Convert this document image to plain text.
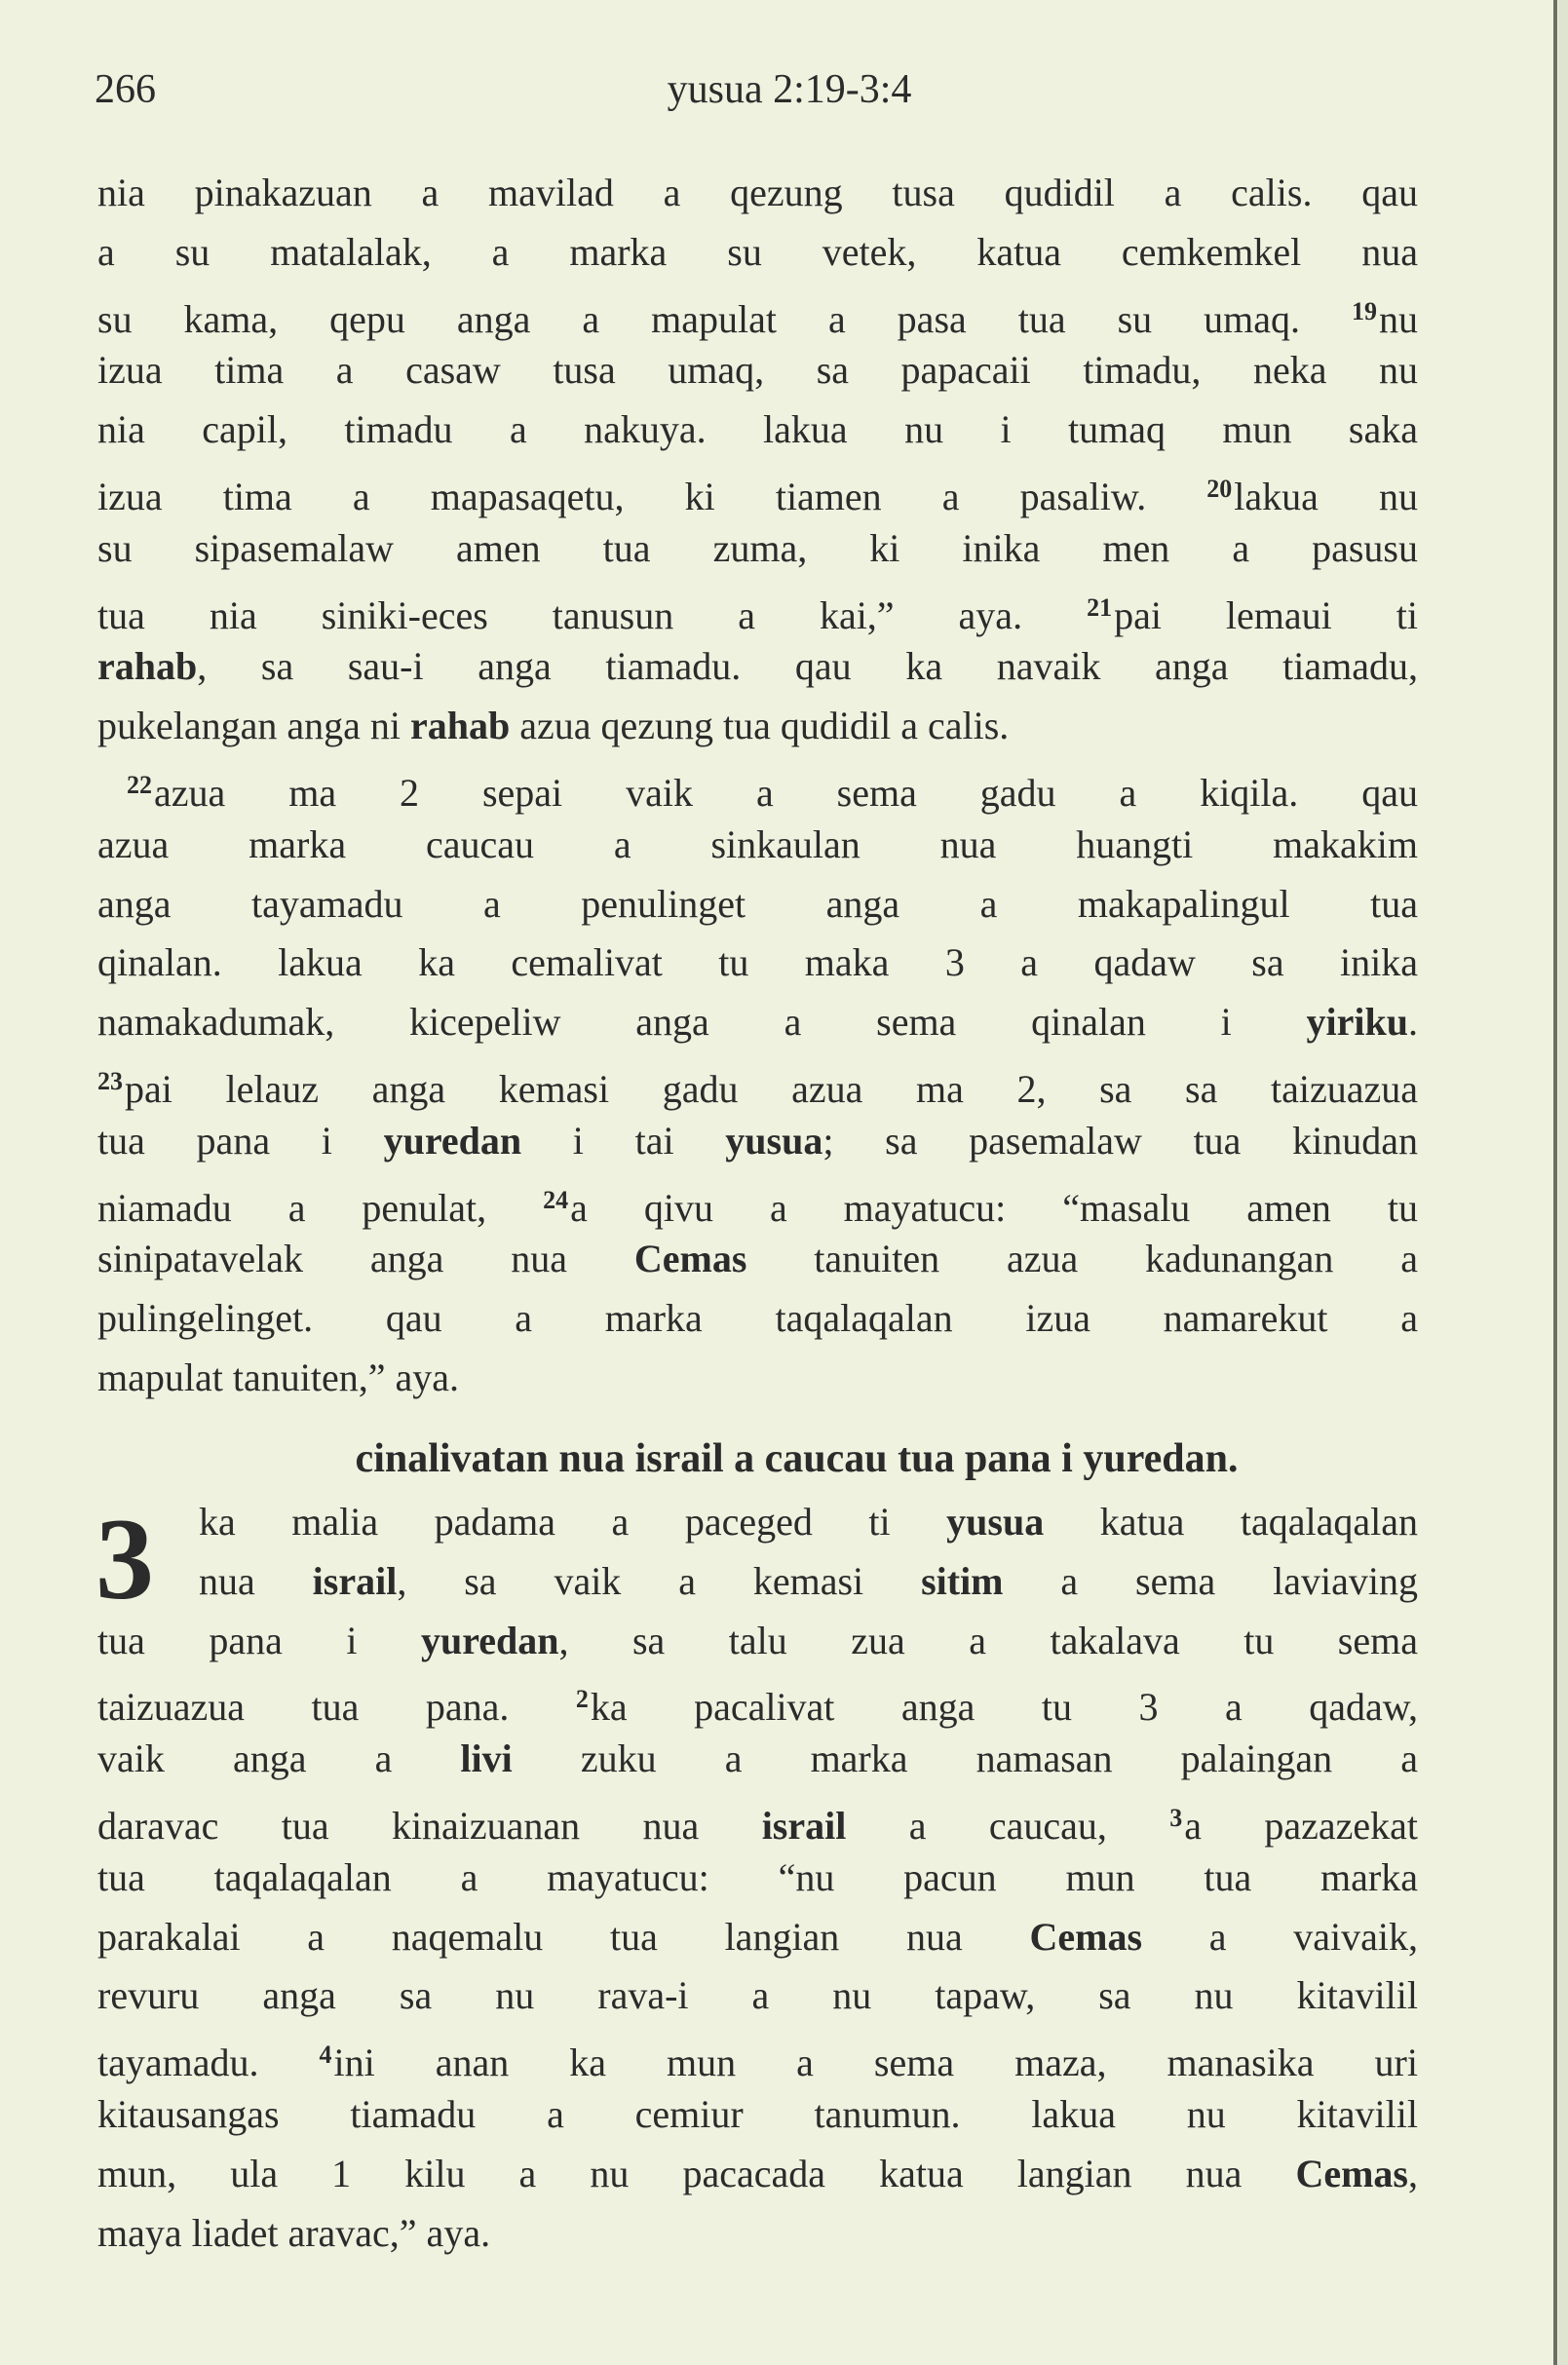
266	yusua 2:19-3:4
nia pinakazuan a mavilad a qezung tusa qudidil a calis. qau
a su matalalak, a marka su vetek, katua cemkemkel nua
su kama, qepu anga a mapulat a pasa tua su umaq. $^{19}$nu
izua tima a casaw tusa umaq, sa papacaii timadu, neka nu
nia capil, timadu a nakuya. lakua nu i tumaq mun saka
izua tima a mapasaqetu, ki tiamen a pasaliw. $^{20}$lakua nu
su sipasemalaw amen tua zuma, ki inika men a pasusu
tua nia siniki-eces tanusun a kai,” aya. $^{21}$pai lemaui ti
rahab, sa sau-i anga tiamadu. qau ka navaik anga tiamadu,
pukelangan anga ni rahab azua qezung tua qudidil a calis.
$^{22}$azua ma 2 sepai vaik a sema gadu a kiqila. qau
azua marka caucau a sinkaulan nua huangti makakim
anga tayamadu a penulinget anga a makapalingul tua
qinalan. lakua ka cemalivat tu maka 3 a qadaw sa inika
namakadumak, kicepeliw anga a sema qinalan i yiriku.
$^{23}$pai lelauz anga kemasi gadu azua ma 2, sa sa taizuazua
tua pana i yuredan i tai yusua; sa pasemalaw tua kinudan
niamadu a penulat, $^{24}$a qivu a mayatucu: “masalu amen tu
sinipatavelak anga nua Cemas tanuiten azua kadunangan a
pulingelinget. qau a marka taqalaqalan izua namarekut a
mapulat tanuiten,” aya.
cinalivatan nua israil a caucau tua pana i yuredan.
3	ka malia padama a paceged ti yusua katua taqalaqalan
nua israil, sa vaik a kemasi sitim a sema laviaving
tua pana i yuredan, sa talu zua a takalava tu sema
taizuazua tua pana. $^2$ka pacalivat anga tu 3 a qadaw,
vaik anga a livi zuku a marka namasan palaingan a
daravac tua kinaizuanan nua israil a caucau, $^3$a pazazekat
tua taqalaqalan a mayatucu: “nu pacun mun tua marka
parakalai a naqemalu tua langian nua Cemas a vaivaik,
revuru anga sa nu rava-i a nu tapaw, sa nu kitavilil
tayamadu. $^4$ini anan ka mun a sema maza, manasika uri
kitausangas tiamadu a cemiur tanumun. lakua nu kitavilil
mun, ula 1 kilu a nu pacacada katua langian nua Cemas,
maya liadet aravac,” aya.
